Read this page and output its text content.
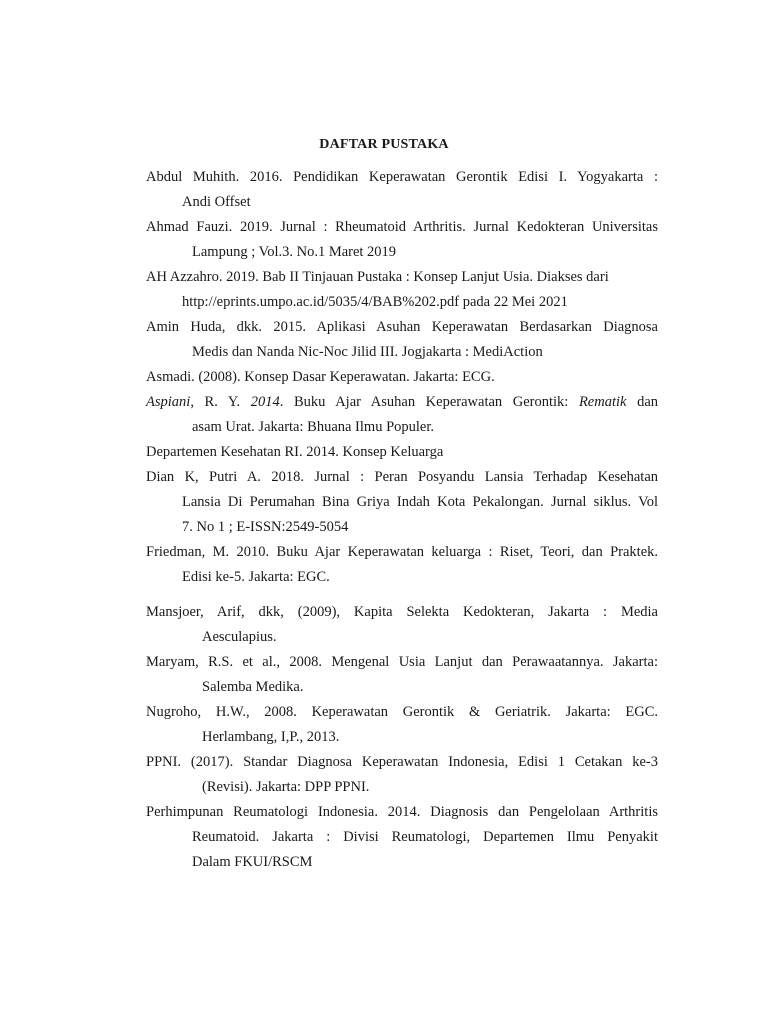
DAFTAR PUSTAKA
Abdul Muhith. 2016. Pendidikan Keperawatan Gerontik Edisi I. Yogyakarta :
Andi Offset
Ahmad Fauzi. 2019. Jurnal : Rheumatoid Arthritis. Jurnal Kedokteran Universitas
Lampung ; Vol.3. No.1 Maret 2019
AH Azzahro. 2019. Bab II Tinjauan Pustaka : Konsep Lanjut Usia. Diakses dari
http://eprints.umpo.ac.id/5035/4/BAB%202.pdf pada 22 Mei 2021
Amin Huda, dkk. 2015. Aplikasi Asuhan Keperawatan Berdasarkan Diagnosa
Medis dan Nanda Nic-Noc Jilid III. Jogjakarta : MediAction
Asmadi. (2008). Konsep Dasar Keperawatan. Jakarta: ECG.
Aspiani, R. Y. 2014. Buku Ajar Asuhan Keperawatan Gerontik: Rematik dan
asam Urat. Jakarta: Bhuana Ilmu Populer.
Departemen Kesehatan RI. 2014. Konsep Keluarga
Dian K, Putri A. 2018. Jurnal : Peran Posyandu Lansia Terhadap Kesehatan
Lansia Di Perumahan Bina Griya Indah Kota Pekalongan. Jurnal siklus. Vol
7. No 1 ; E-ISSN:2549-5054
Friedman, M. 2010. Buku Ajar Keperawatan keluarga : Riset, Teori, dan Praktek.
Edisi ke-5. Jakarta: EGC.
Mansjoer, Arif, dkk, (2009), Kapita Selekta Kedokteran, Jakarta : Media
Aesculapius.
Maryam, R.S. et al., 2008. Mengenal Usia Lanjut dan Perawaatannya. Jakarta:
Salemba Medika.
Nugroho, H.W., 2008. Keperawatan Gerontik & Geriatrik. Jakarta: EGC.
Herlambang, I,P., 2013.
PPNI. (2017). Standar Diagnosa Keperawatan Indonesia, Edisi 1 Cetakan ke-3
(Revisi). Jakarta: DPP PPNI.
Perhimpunan Reumatologi Indonesia. 2014. Diagnosis dan Pengelolaan Arthritis
Reumatoid. Jakarta : Divisi Reumatologi, Departemen Ilmu Penyakit
Dalam FKUI/RSCM
